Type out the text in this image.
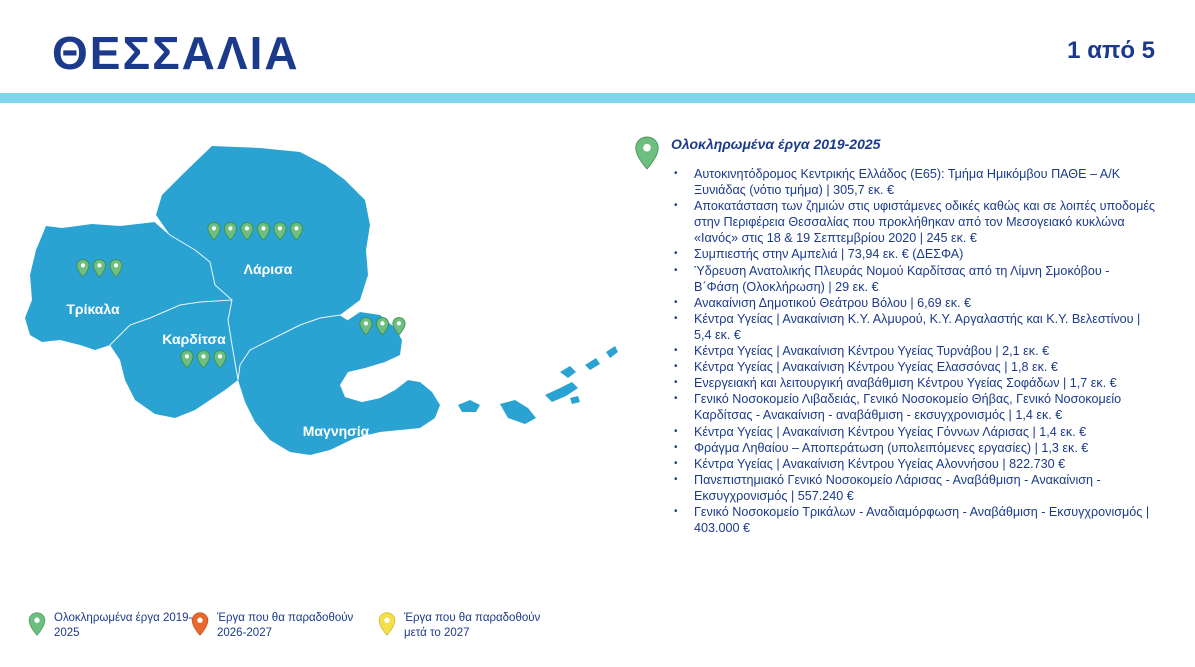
ΘΕΣΣΑΛΙΑ	1 από 5
Λάρισα
Τρίκαλα
Καρδίτσα
Μαγνησία
Ολοκληρωμένα έργα 2019-2025
• Αυτοκινητόδρομος Κεντρικής Ελλάδος (Ε65): Τμήμα Ημικόμβου ΠΑΘΕ – Α/Κ Ξυνιάδας (νότιο τμήμα) | 305,7 εκ. €
• Αποκατάσταση των ζημιών στις υφιστάμενες οδικές καθώς και σε λοιπές υποδομές στην Περιφέρεια Θεσσαλίας που προκλήθηκαν από τον Μεσογειακό κυκλώνα «Ιανός» στις 18 & 19 Σεπτεμβρίου 2020 | 245 εκ. €
• Συμπιεστής στην Αμπελιά | 73,94 εκ. € (ΔΕΣΦΑ)
• Ύδρευση Ανατολικής Πλευράς Νομού Καρδίτσας από τη Λίμνη Σμοκόβου - Β΄Φάση (Ολοκλήρωση) | 29 εκ. €
• Ανακαίνιση Δημοτικού Θεάτρου Βόλου | 6,69 εκ. €
• Κέντρα Υγείας | Ανακαίνιση Κ.Υ. Αλμυρού, Κ.Υ. Αργαλαστής και Κ.Υ. Βελεστίνου | 5,4 εκ. €
• Κέντρα Υγείας | Ανακαίνιση Κέντρου Υγείας Τυρνάβου | 2,1 εκ. €
• Κέντρα Υγείας | Ανακαίνιση Κέντρου Υγείας Ελασσόνας | 1,8 εκ. €
• Ενεργειακή και λειτουργική αναβάθμιση Κέντρου Υγείας Σοφάδων | 1,7 εκ. €
• Γενικό Νοσοκομείο Λιβαδειάς, Γενικό Νοσοκομείο Θήβας, Γενικό Νοσοκομείο Καρδίτσας - Ανακαίνιση - αναβάθμιση - εκσυγχρονισμός | 1,4 εκ. €
• Κέντρα Υγείας | Ανακαίνιση Κέντρου Υγείας Γόννων Λάρισας | 1,4 εκ. €
• Φράγμα Ληθαίου – Αποπεράτωση (υπολειπόμενες εργασίες) | 1,3 εκ. €
• Κέντρα Υγείας | Ανακαίνιση Κέντρου Υγείας Αλοννήσου | 822.730 €
• Πανεπιστημιακό Γενικό Νοσοκομείο Λάρισας - Αναβάθμιση - Ανακαίνιση - Εκσυγχρονισμός | 557.240 €
• Γενικό Νοσοκομείο Τρικάλων - Αναδιαμόρφωση - Αναβάθμιση - Εκσυγχρονισμός | 403.000 €
Ολοκληρωμένα έργα 2019-2025
Έργα που θα παραδοθούν 2026-2027
Έργα που θα παραδοθούν μετά το 2027
